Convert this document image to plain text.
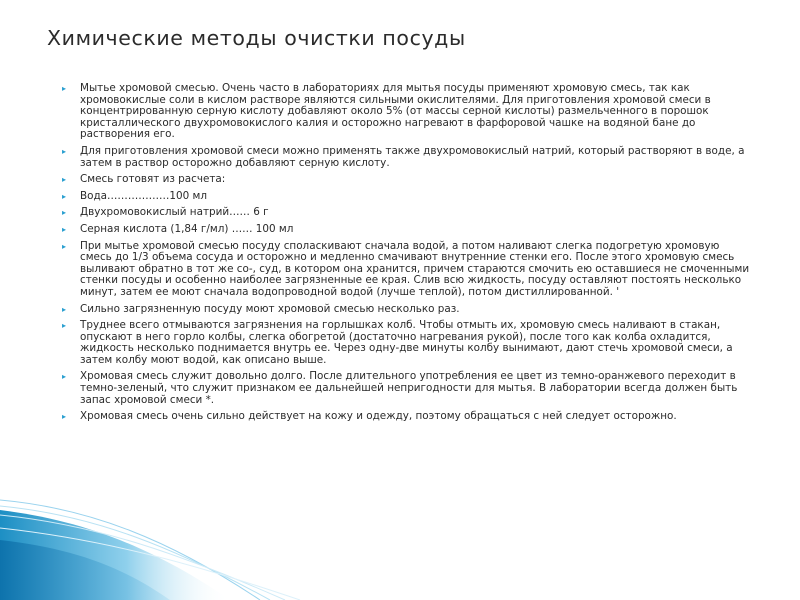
Химические методы очистки посуды
▸	Мытье хромовой смесью. Очень часто в лабораториях для мытья посуды применяют хромовую смесь, так как хромовокислые соли в кислом растворе являются сильными окислителями. Для приготовления хромовой смеси в концентрированную серную кислоту добавляют около 5% (от массы серной кислоты) размельченного в порошок кристаллического двухромовокислого калия и осторожно нагревают в фарфоровой чашке на водяной бане до растворения его.
▸	Для приготовления хромовой смеси можно применять также двухромовокислый натрий, который растворяют в воде, а затем в раствор осторожно добавляют серную кислоту.
▸	Смесь готовят из расчета:
▸	Вода………………100 мл
▸	Двухромовокислый натрий…… 6 г
▸	Серная кислота (1,84 г/мл) …… 100 мл
▸	При мытье хромовой смесью посуду споласкивают сначала водой, а потом наливают слегка подогретую хромовую смесь до 1/3 объема сосуда и осторожно и медленно смачивают внутренние стенки его. После этого хромовую смесь выливают обратно в тот же со-, суд, в котором она хранится, причем стараются смочить ею оставшиеся не смоченными стенки посуды и особенно наиболее загрязненные ее края. Слив всю жидкость, посуду оставляют постоять несколько минут, затем ее моют сначала водопроводной водой (лучше теплой), потом дистиллированной. '
▸	Сильно загрязненную посуду моют хромовой смесью несколько раз.
▸	Труднее всего отмываются загрязнения на горлышках колб. Чтобы отмыть их, хромовую смесь наливают в стакан, опускают в него горло колбы, слегка обогретой (достаточно нагревания рукой), после того как колба охладится, жидкость несколько поднимается внутрь ее. Через одну-две минуты колбу вынимают, дают стечь хромовой смеси, а затем колбу моют водой, как описано выше.
▸	Хромовая смесь служит довольно долго. После длительного употребления ее цвет из темно-оранжевого переходит в темно-зеленый, что служит признаком ее дальнейшей непригодности для мытья. В лаборатории всегда должен быть запас хромовой смеси *.
▸	Хромовая смесь очень сильно действует на кожу и одежду, поэтому обращаться с ней следует осторожно.
